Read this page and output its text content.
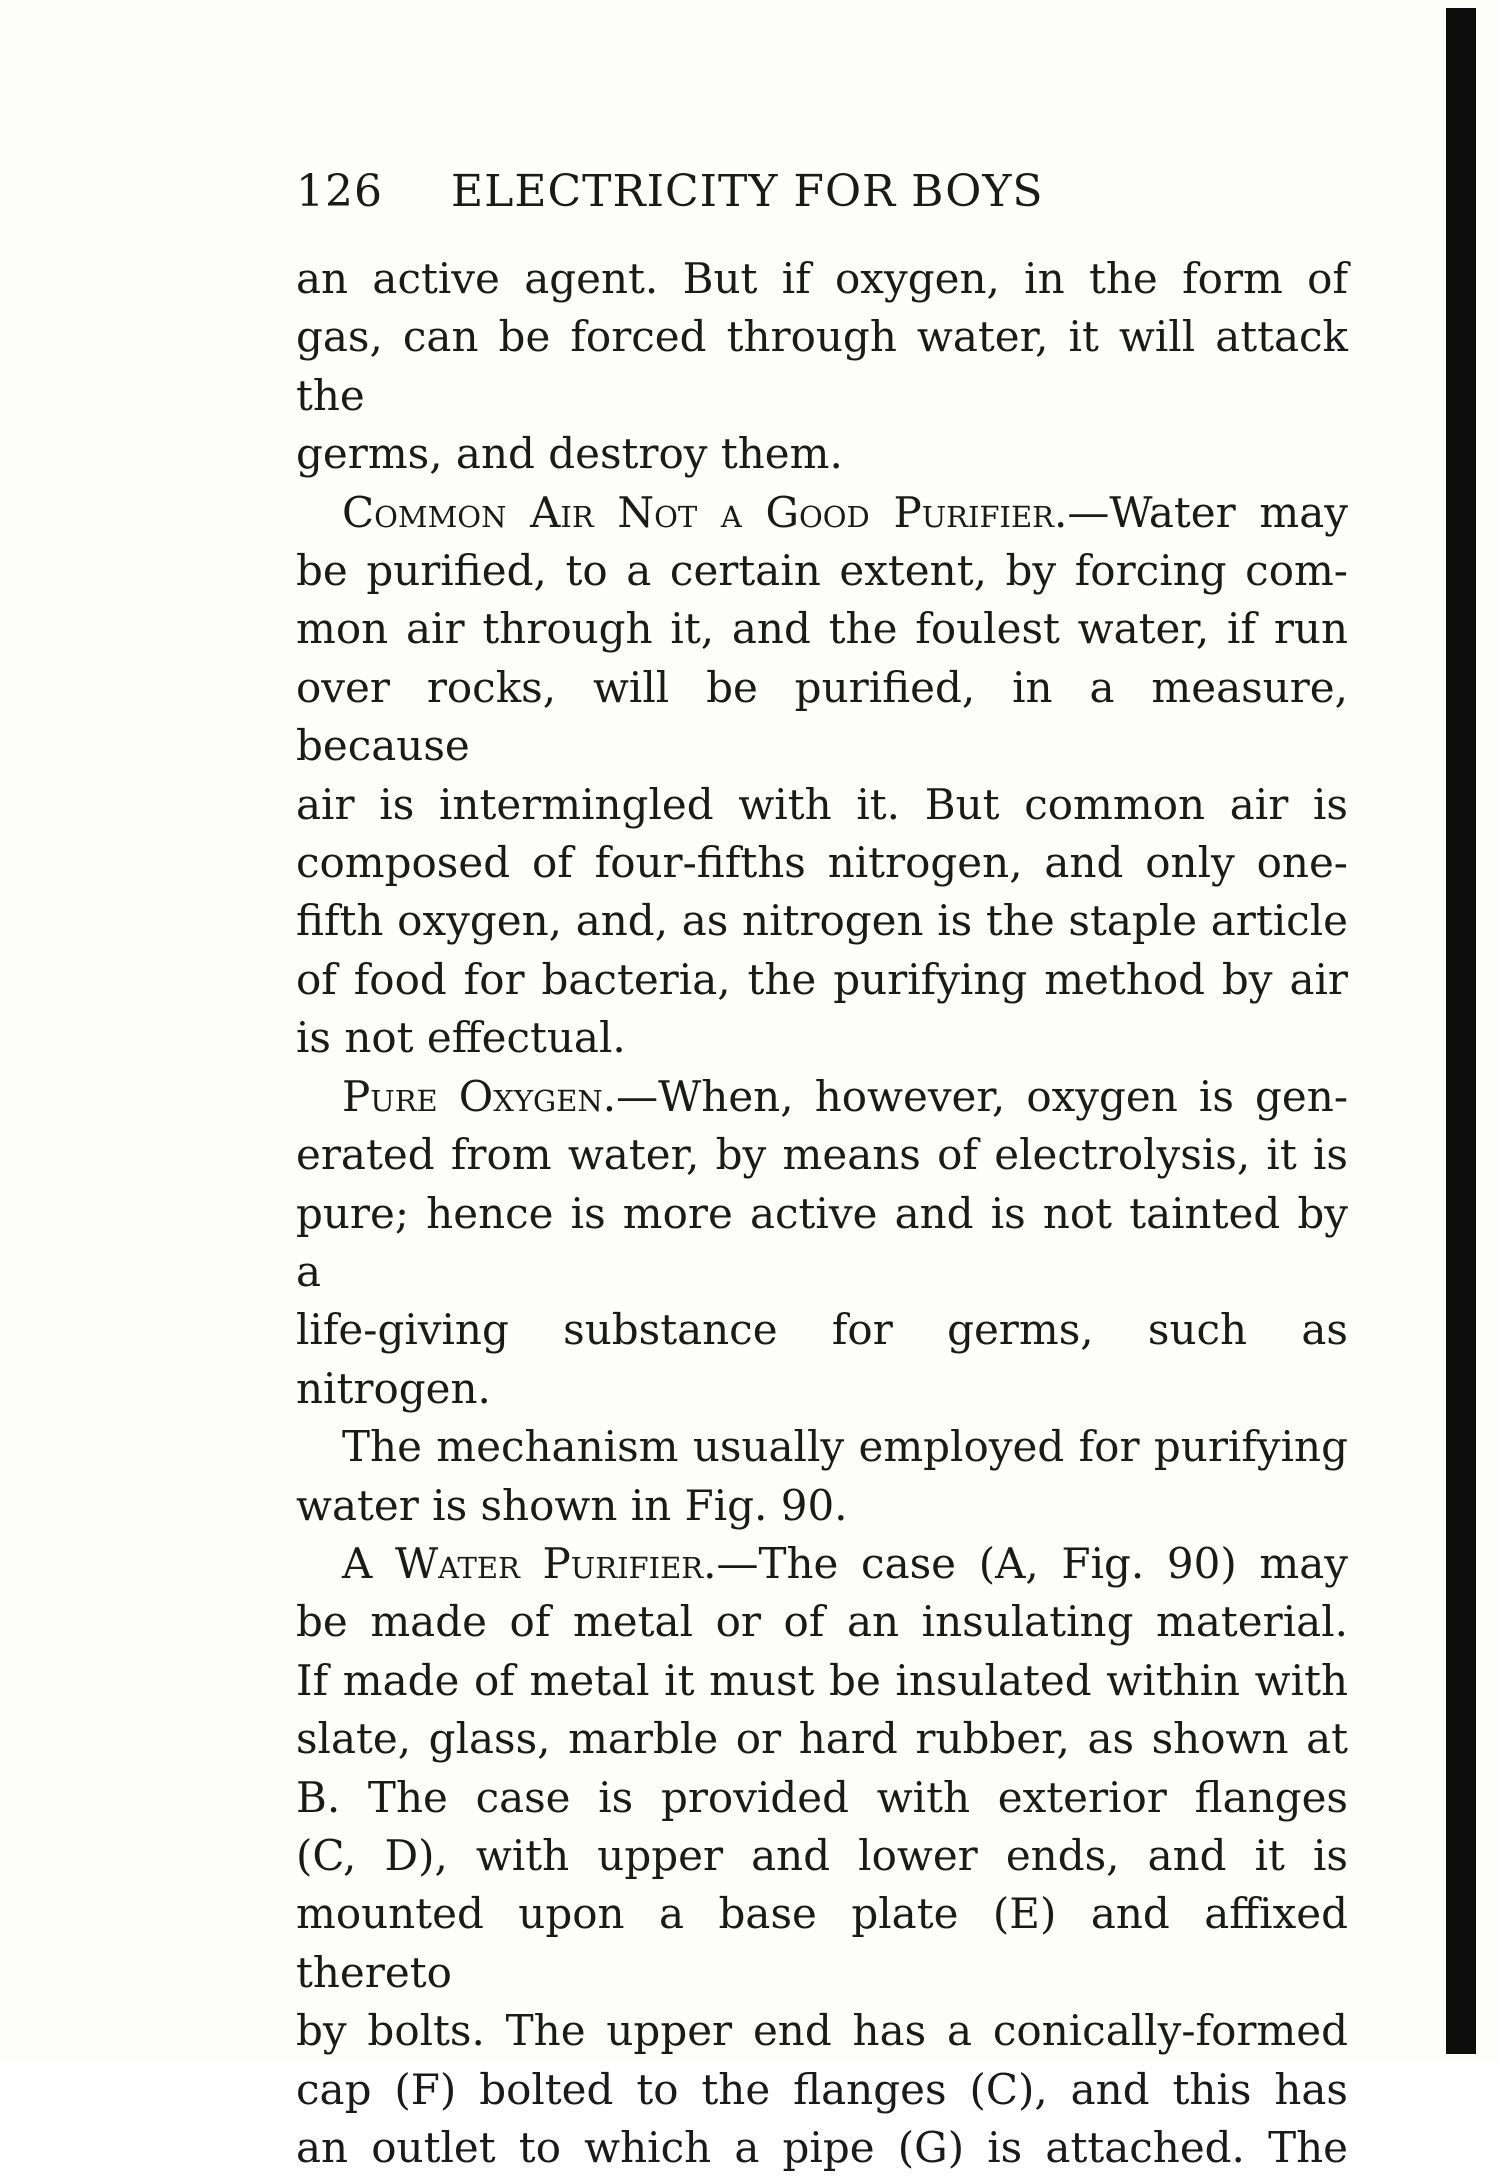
126 ELECTRICITY FOR BOYS

an active agent. But if oxygen, in the form of

gas, can be forced through water, it will attack the

germs, and destroy them.

Common Air Not a Good Purifier.—Water may

be purified, to a certain extent, by forcing com-

mon air through it, and the foulest water, if run

over rocks, will be purified, in a measure, because

air is intermingled with it. But common air is

composed of four-fifths nitrogen, and only one-

fifth oxygen, and, as nitrogen is the staple article

of food for bacteria, the purifying method by air

is not effectual.

Pure Oxygen.—When, however, oxygen is gen-

erated from water, by means of electrolysis, it is

pure; hence is more active and is not tainted by a

life-giving substance for germs, such as nitrogen.

The mechanism usually employed for purifying

water is shown in Fig. 90.

A Water Purifier.—The case (A, Fig. 90) may

be made of metal or of an insulating material.

If made of metal it must be insulated within with

slate, glass, marble or hard rubber, as shown at

B. The case is provided with exterior flanges

(C, D), with upper and lower ends, and it is

mounted upon a base plate (E) and affixed thereto

by bolts. The upper end has a conically-formed

cap (F) bolted to the flanges (C), and this has

an outlet to which a pipe (G) is attached. The
